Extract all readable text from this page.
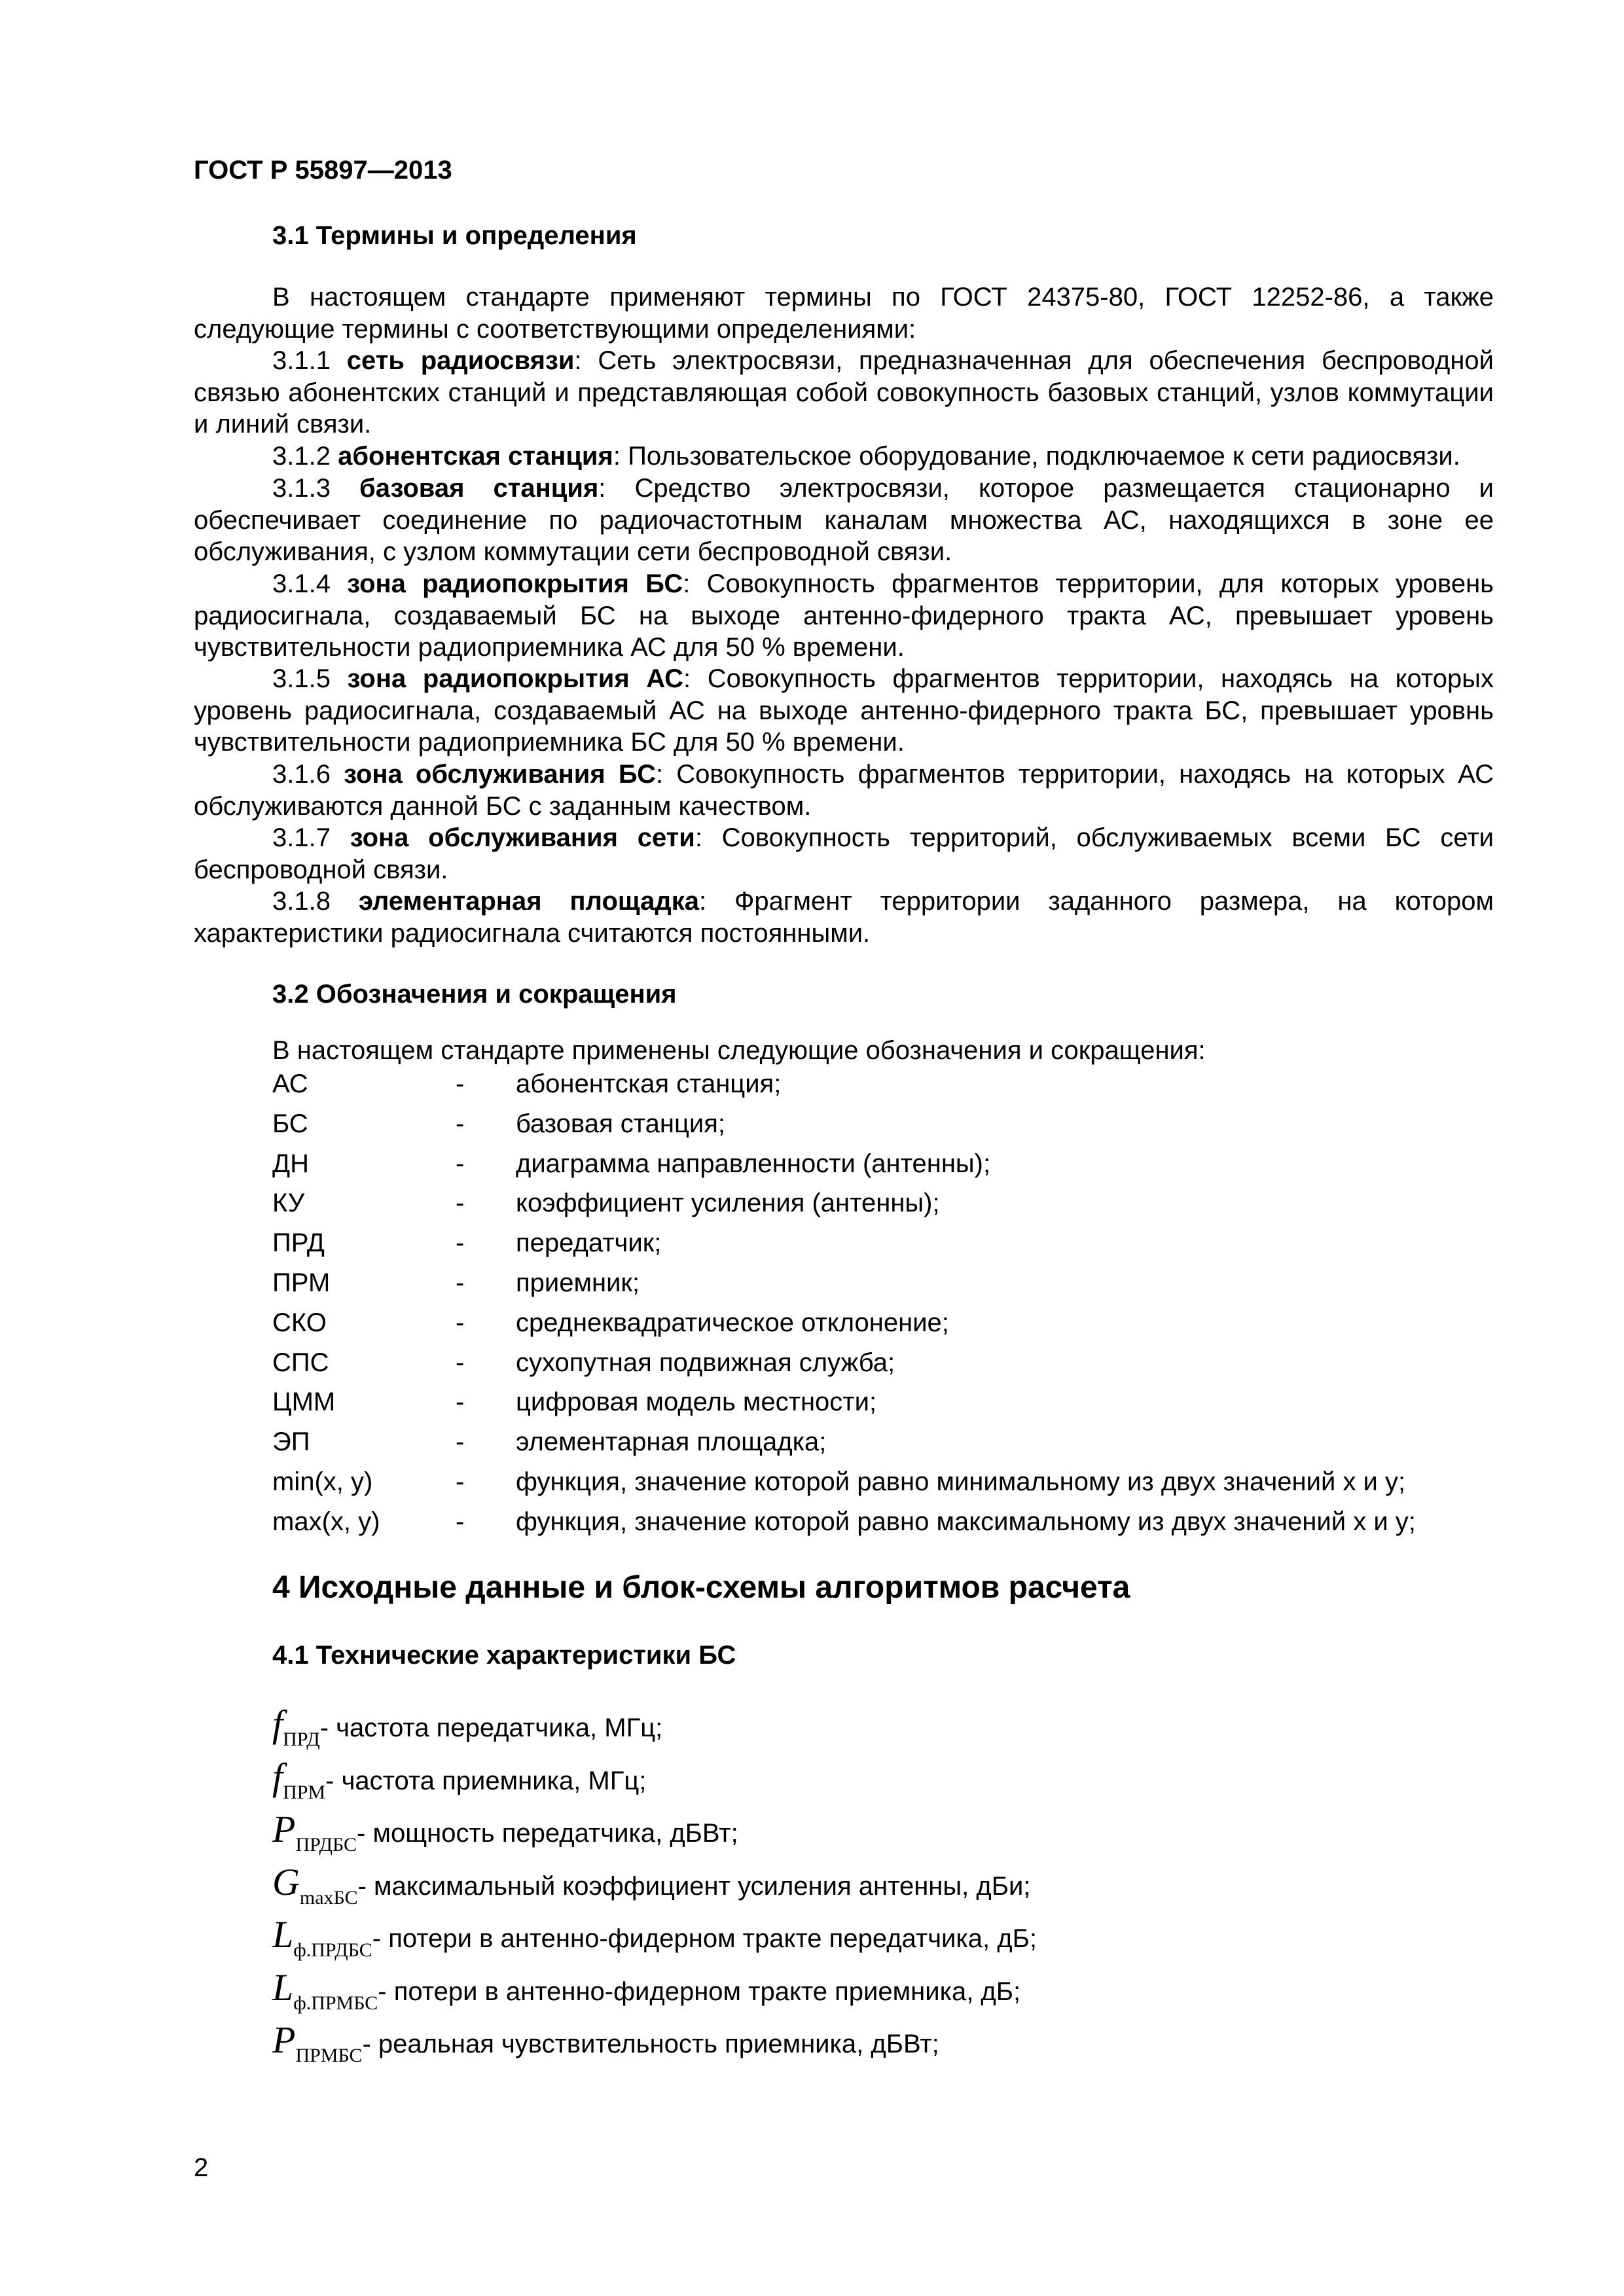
ГОСТ Р 55897—2013
3.1 Термины и определения

В настоящем стандарте применяют термины по ГОСТ 24375-80, ГОСТ 12252-86, а также следующие термины с соответствующими определениями:

3.1.1 сеть радиосвязи: Сеть электросвязи, предназначенная для обеспечения беспроводной связью абонентских станций и представляющая собой совокупность базовых станций, узлов коммутации и линий связи.

3.1.2 абонентская станция: Пользовательское оборудование, подключаемое к сети радиосвязи.

3.1.3 базовая станция: Средство электросвязи, которое размещается стационарно и обеспечивает соединение по радиочастотным каналам множества АС, находящихся в зоне ее обслуживания, с узлом коммутации сети беспроводной связи.

3.1.4 зона радиопокрытия БС: Совокупность фрагментов территории, для которых уровень радиосигнала, создаваемый БС на выходе антенно-фидерного тракта АС, превышает уровень чувствительности радиоприемника АС для 50 % времени.

3.1.5 зона радиопокрытия АС: Совокупность фрагментов территории, находясь на которых уровень радиосигнала, создаваемый АС на выходе антенно-фидерного тракта БС, превышает уровнь чувствительности радиоприемника БС для 50 % времени.

3.1.6 зона обслуживания БС: Совокупность фрагментов территории, находясь на которых АС обслуживаются данной БС с заданным качеством.

3.1.7 зона обслуживания сети: Совокупность территорий, обслуживаемых всеми БС сети беспроводной связи.

3.1.8 элементарная площадка: Фрагмент территории заданного размера, на котором характеристики радиосигнала считаются постоянными.

3.2 Обозначения и сокращения
В настоящем стандарте применены следующие обозначения и сокращения:
АС	- абонентская станция;
БС	- базовая станция;
ДН	- диаграмма направленности (антенны);
КУ	- коэффициент усиления (антенны);
ПРД	- передатчик;
ПРМ	- приемник;
СКО	- среднеквадратическое отклонение;
СПС	- сухопутная подвижная служба;
ЦММ	- цифровая модель местности;
ЭП	- элементарная площадка;
min(x, y)	- функция, значение которой равно минимальному из двух значений x и y;
max(x, y)	- функция, значение которой равно максимальному из двух значений x и y;
4 Исходные данные и блок-схемы алгоритмов расчета
4.1 Технические характеристики БС
$f_{ПРД}-$ частота передатчика, МГц;
$f_{ПРМ}-$ частота приемника, МГц;
$P_{ПРДБС}-$ мощность передатчика, дБВт;
$G_{maxБС}-$ максимальный коэффициент усиления антенны, дБи;
$L_{ф.ПРДБС}-$ потери в антенно-фидерном тракте передатчика, дБ;
$L_{ф.ПРМБС}-$ потери в антенно-фидерном тракте приемника, дБ;
$P_{ПРМБС}-$ реальная чувствительность приемника, дБВт;
2
